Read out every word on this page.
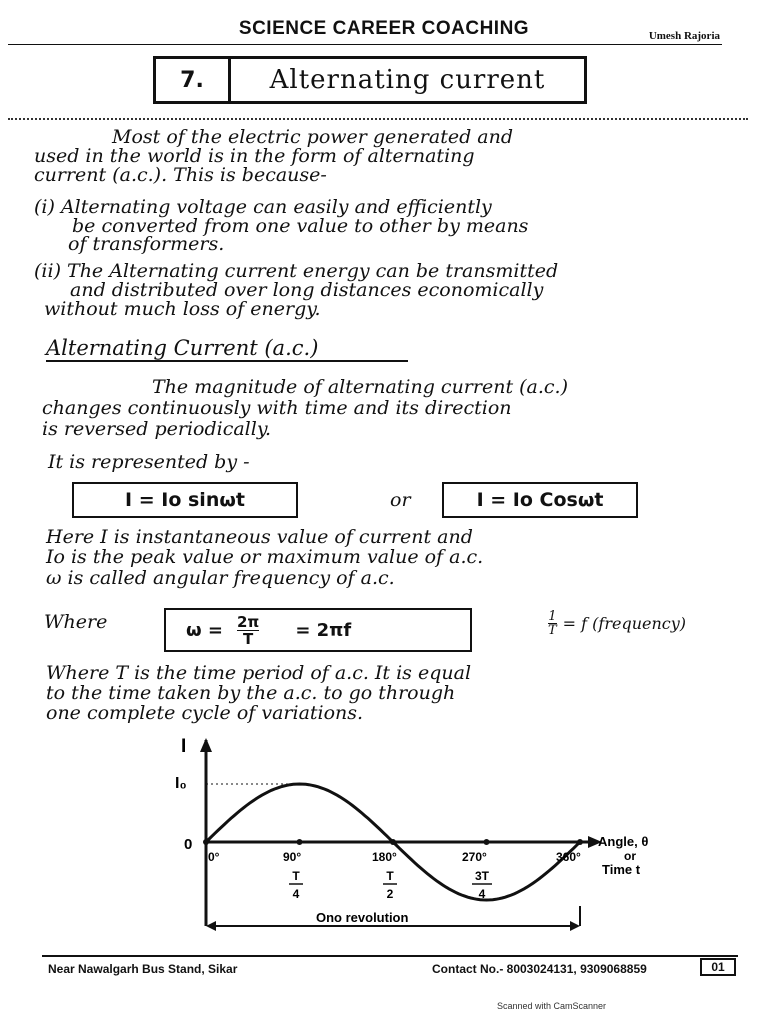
SCIENCE CAREER COACHING	Umesh Rajoria
7.	Alternating current
Most of the electric power generated and
used in the world is in the form of alternating
current (a.c.). This is because-
(i) Alternating voltage can easily and efficiently
be converted from one value to other by means
of transformers.
(ii) The Alternating current energy can be transmitted
and distributed over long distances economically
without much loss of energy.
Alternating Current (a.c.)
The magnitude of alternating current (a.c.)
changes continuously with time and its direction
is reversed periodically.
It is represented by -
I = Io sinωt	or	I = Io Cosωt
Here I is instantaneous value of current and
Io is the peak value or maximum value of a.c.
ω is called angular frequency of a.c.
Where	$\omega = \frac{2\pi}{T} = 2\pi f$	$\frac{1}{T} = f$ (frequency)
Where T is the time period of a.c. It is equal
to the time taken by the a.c. to go through
one complete cycle of variations.
I
I₀
0
0°	90°	180°	270°	360°
T
4
T
2
3T
4
Ono revolution
Angle, θ
or
Time t
Near Nawalgarh Bus Stand, Sikar	Contact No.- 8003024131, 9309068859	01
Scanned with CamScanner
